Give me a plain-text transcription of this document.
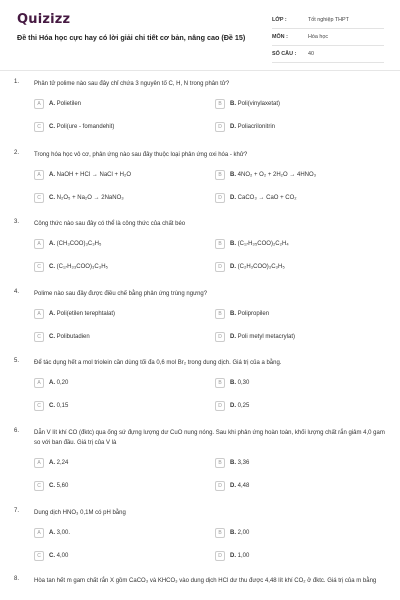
Quizizz
Đề thi Hóa học cực hay có lời giải chi tiết cơ bản, nâng cao (Đề 15)
LỚP :	Tốt nghiệp THPT
MÔN :	Hóa học
SỐ CÂU :	40
1. Phân tử polime nào sau đây chỉ chứa 3 nguyên tố C, H, N trong phân tử?
A	A. Polietilen	B	B. Poli(vinylaxetat)
C	C. Poli(ure - fomandehit)	D	D. Poliacrilonitrin
2. Trong hóa học vô cơ, phản ứng nào sau đây thuộc loại phản ứng oxi hóa - khử?
A	A. NaOH + HCl → NaCl + H₂O	B	B. 4NO₂ + O₂ + 2H₂O → 4HNO₃
C	C. N₂O₅ + Na₂O → 2NaNO₃	D	D. CaCO₃ → CaO + CO₂
3. Công thức nào sau đây có thể là công thức của chất béo
A	A. (CH₃COO)₃C₃H₅	B	B. (C₁₇H₃₅COO)₂C₂H₄
C	C. (C₁₇H₃₃COO)₃C₃H₅	D	D. (C₂H₃COO)₃C₃H₅
4. Polime nào sau đây được điều chế bằng phản ứng trùng ngưng?
A	A. Poli(etilen terephtalat)	B	B. Polipropilen
C	C. Polibutadien	D	D. Poli metyl metacrylat)
5. Để tác dụng hết a mol triolein cần dùng tối đa 0,6 mol Br₂ trong dung dịch. Giá trị của a bằng.
A	A. 0,20	B	B. 0,30
C	C. 0,15	D	D. 0,25
6. Dẫn V lít khí CO (đktc) qua ống sứ đựng lượng dư CuO nung nóng. Sau khi phản ứng hoàn toàn, khối lượng chất rắn giảm 4,0 gam so với ban đầu. Giá trị của V là
A	A. 2,24	B	B. 3,36
C	C. 5,60	D	D. 4,48
7. Dung dịch HNO₃ 0,1M có pH bằng
A	A. 3,00.	B	B. 2,00
C	C. 4,00	D	D. 1,00
8. Hòa tan hết m gam chất rắn X gồm CaCO₃ và KHCO₃ vào dung dịch HCl dư thu được 4,48 lít khí CO₂ ở đktc. Giá trị của m bằng
